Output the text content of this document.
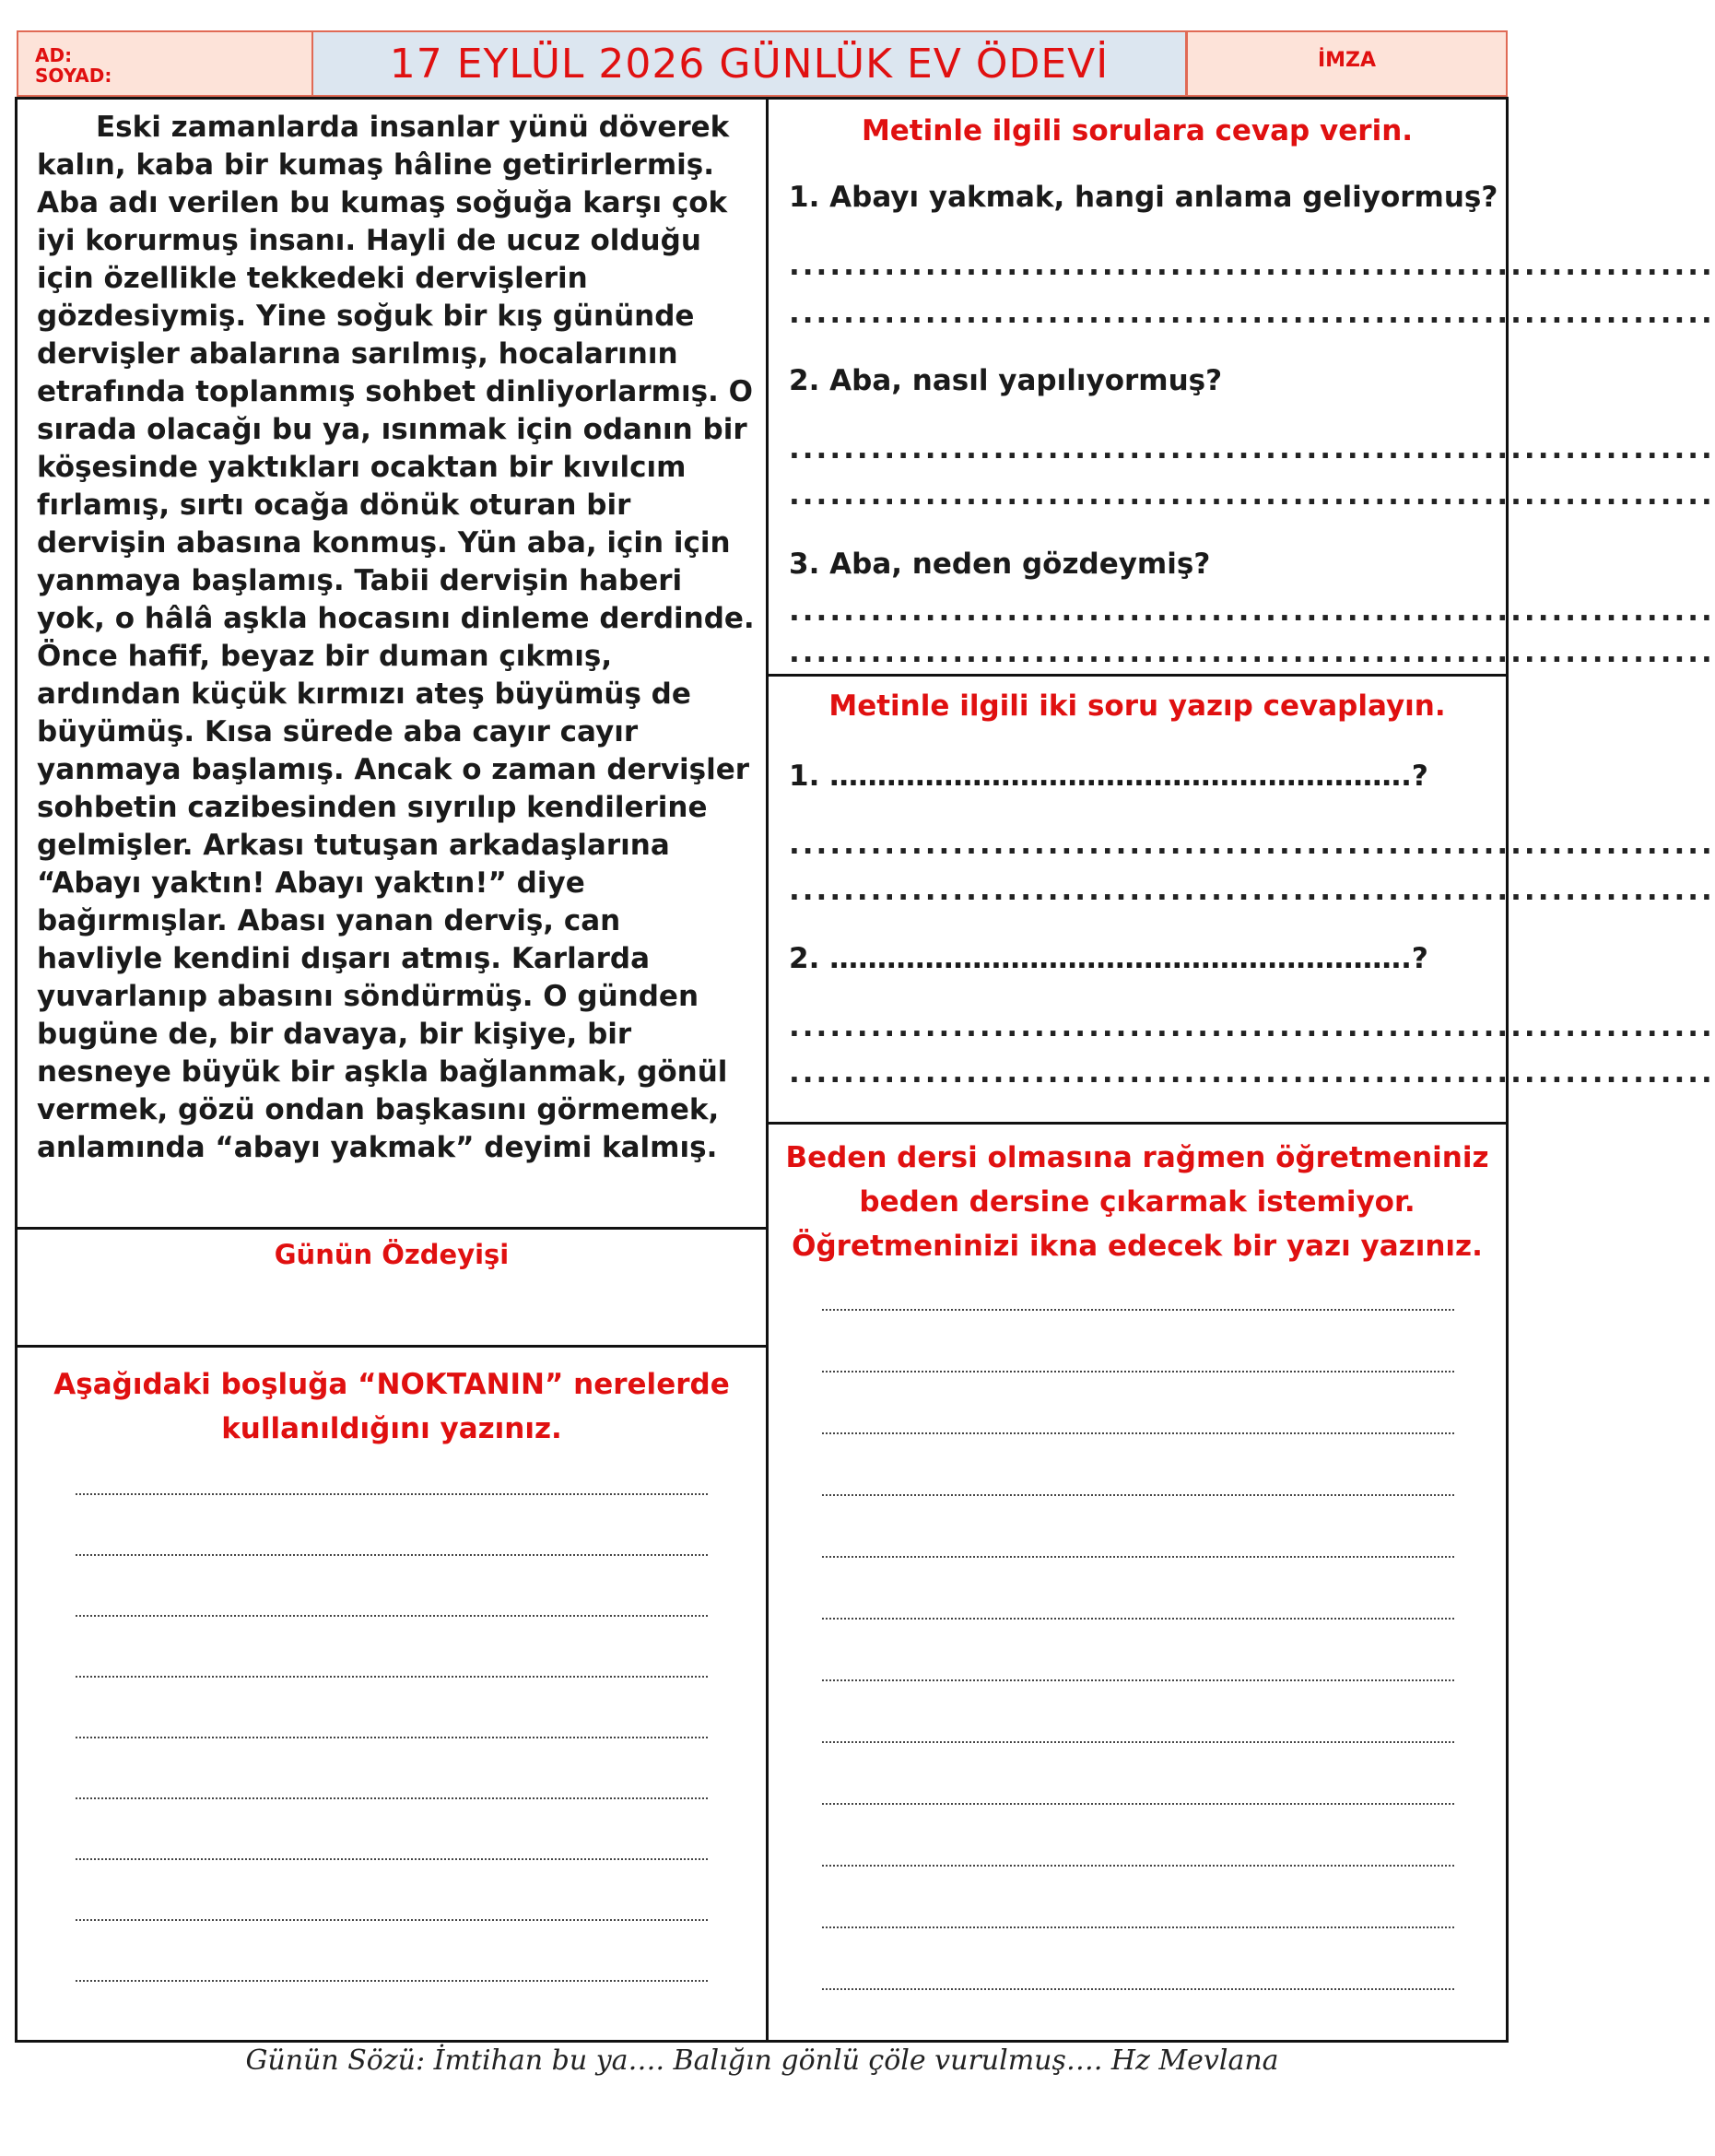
AD:
SOYAD:	17 EYLÜL 2026 GÜNLÜK EV ÖDEVİ	İMZA

Eski zamanlarda insanlar yünü döverek kalın, kaba bir kumaş hâline getirirlermiş. Aba adı verilen bu kumaş soğuğa karşı çok iyi korurmuş insanı. Hayli de ucuz olduğu için özellikle tekkedeki dervişlerin gözdesiymiş. Yine soğuk bir kış gününde dervişler abalarına sarılmış, hocalarının etrafında toplanmış sohbet dinliyorlarmış. O sırada olacağı bu ya, ısınmak için odanın bir köşesinde yaktıkları ocaktan bir kıvılcım fırlamış, sırtı ocağa dönük oturan bir dervişin abasına konmuş. Yün aba, için için yanmaya başlamış. Tabii dervişin haberi yok, o hâlâ aşkla hocasını dinleme derdinde. Önce hafif, beyaz bir duman çıkmış, ardından küçük kırmızı ateş büyümüş de büyümüş. Kısa sürede aba cayır cayır yanmaya başlamış. Ancak o zaman dervişler sohbetin cazibesinden sıyrılıp kendilerine gelmişler. Arkası tutuşan arkadaşlarına “Abayı yaktın! Abayı yaktın!” diye bağırmışlar. Abası yanan derviş, can havliyle kendini dışarı atmış. Karlarda yuvarlanıp abasını söndürmüş. O günden bugüne de, bir davaya, bir kişiye, bir nesneye büyük bir aşkla bağlanmak, gönül vermek, gözü ondan başkasını görmemek, anlamında “abayı yakmak” deyimi kalmış.

Günün Özdeyişi
Aşağıdaki boşluğa “NOKTANIN” nerelerde
kullanıldığını yazınız.
Metinle ilgili sorulara cevap verin.
1. Abayı yakmak, hangi anlama geliyormuş?
....................................................................
....................................................................
2. Aba, nasıl yapılıyormuş?
....................................................................
....................................................................
3. Aba, neden gözdeymiş?
....................................................................
....................................................................
Metinle ilgili iki soru yazıp cevaplayın.
1. …………………………………………………….?
....................................................................
....................................................................
2. …………………………………………………….?
....................................................................
....................................................................
Beden dersi olmasına rağmen öğretmeniniz
beden dersine çıkarmak istemiyor.
Öğretmeninizi ikna edecek bir yazı yazınız.
Günün Sözü: İmtihan bu ya…. Balığın gönlü çöle vurulmuş…. Hz Mevlana
